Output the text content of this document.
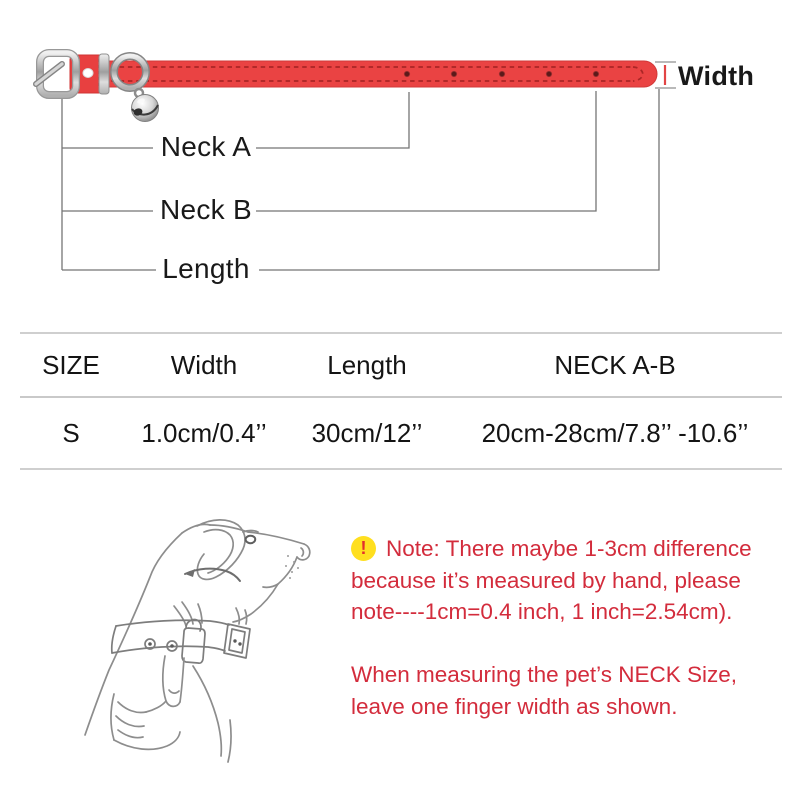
Neck A
Neck B
Length
Width
SIZE	Width	Length	NECK A-B
S	1.0cm/0.4’’	30cm/12’’	20cm-28cm/7.8’’ -10.6’’
! Note: There maybe 1-3cm difference
because it’s measured by hand, please
note----1cm=0.4 inch, 1 inch=2.54cm).
When measuring the pet’s NECK Size,
leave one finger width as shown.
